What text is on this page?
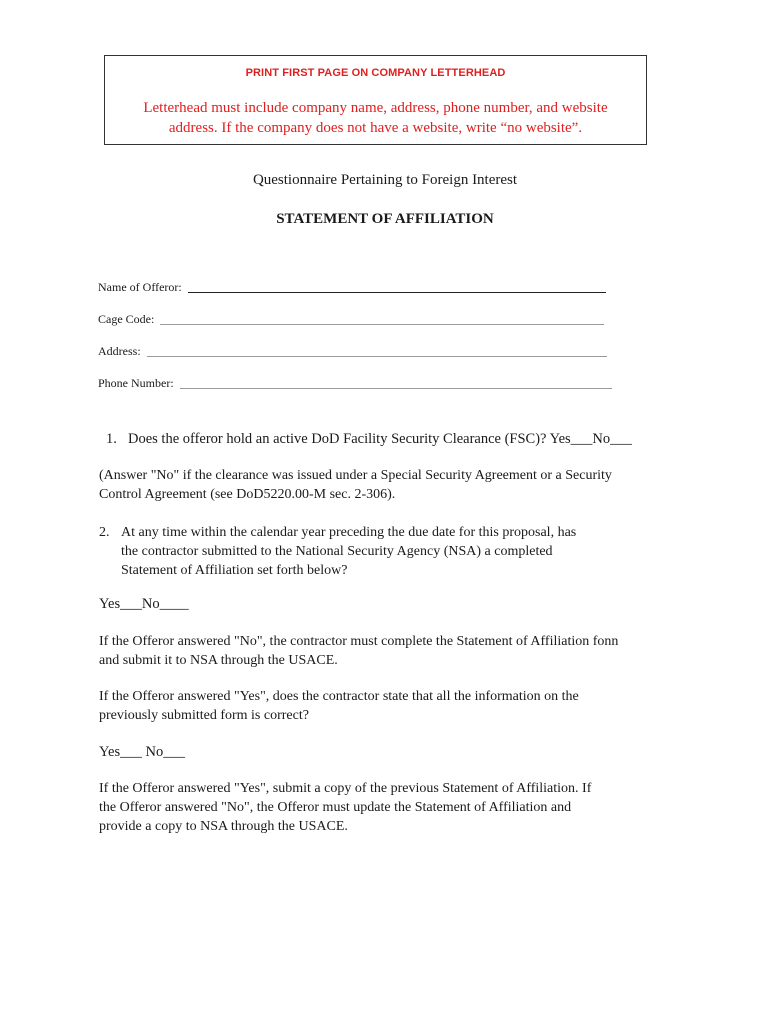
PRINT FIRST PAGE ON COMPANY LETTERHEAD
Letterhead must include company name, address, phone number, and website
address. If the company does not have a website, write “no website”.
Questionnaire Pertaining to Foreign Interest
STATEMENT OF AFFILIATION
Name of Offeror:
Cage Code:
Address:
Phone Number:
1. Does the offeror hold an active DoD Facility Security Clearance (FSC)? Yes___No___
(Answer "No" if the clearance was issued under a Special Security Agreement or a Security
Control Agreement (see DoD5220.00-M sec. 2-306).
2. At any time within the calendar year preceding the due date for this proposal, has
the contractor submitted to the National Security Agency (NSA) a completed
Statement of Affiliation set forth below?
Yes___No____
If the Offeror answered "No", the contractor must complete the Statement of Affiliation fonn
and submit it to NSA through the USACE.
If the Offeror answered "Yes", does the contractor state that all the information on the
previously submitted form is correct?
Yes___ No___
If the Offeror answered "Yes", submit a copy of the previous Statement of Affiliation. If
the Offeror answered "No", the Offeror must update the Statement of Affiliation and
provide a copy to NSA through the USACE.
